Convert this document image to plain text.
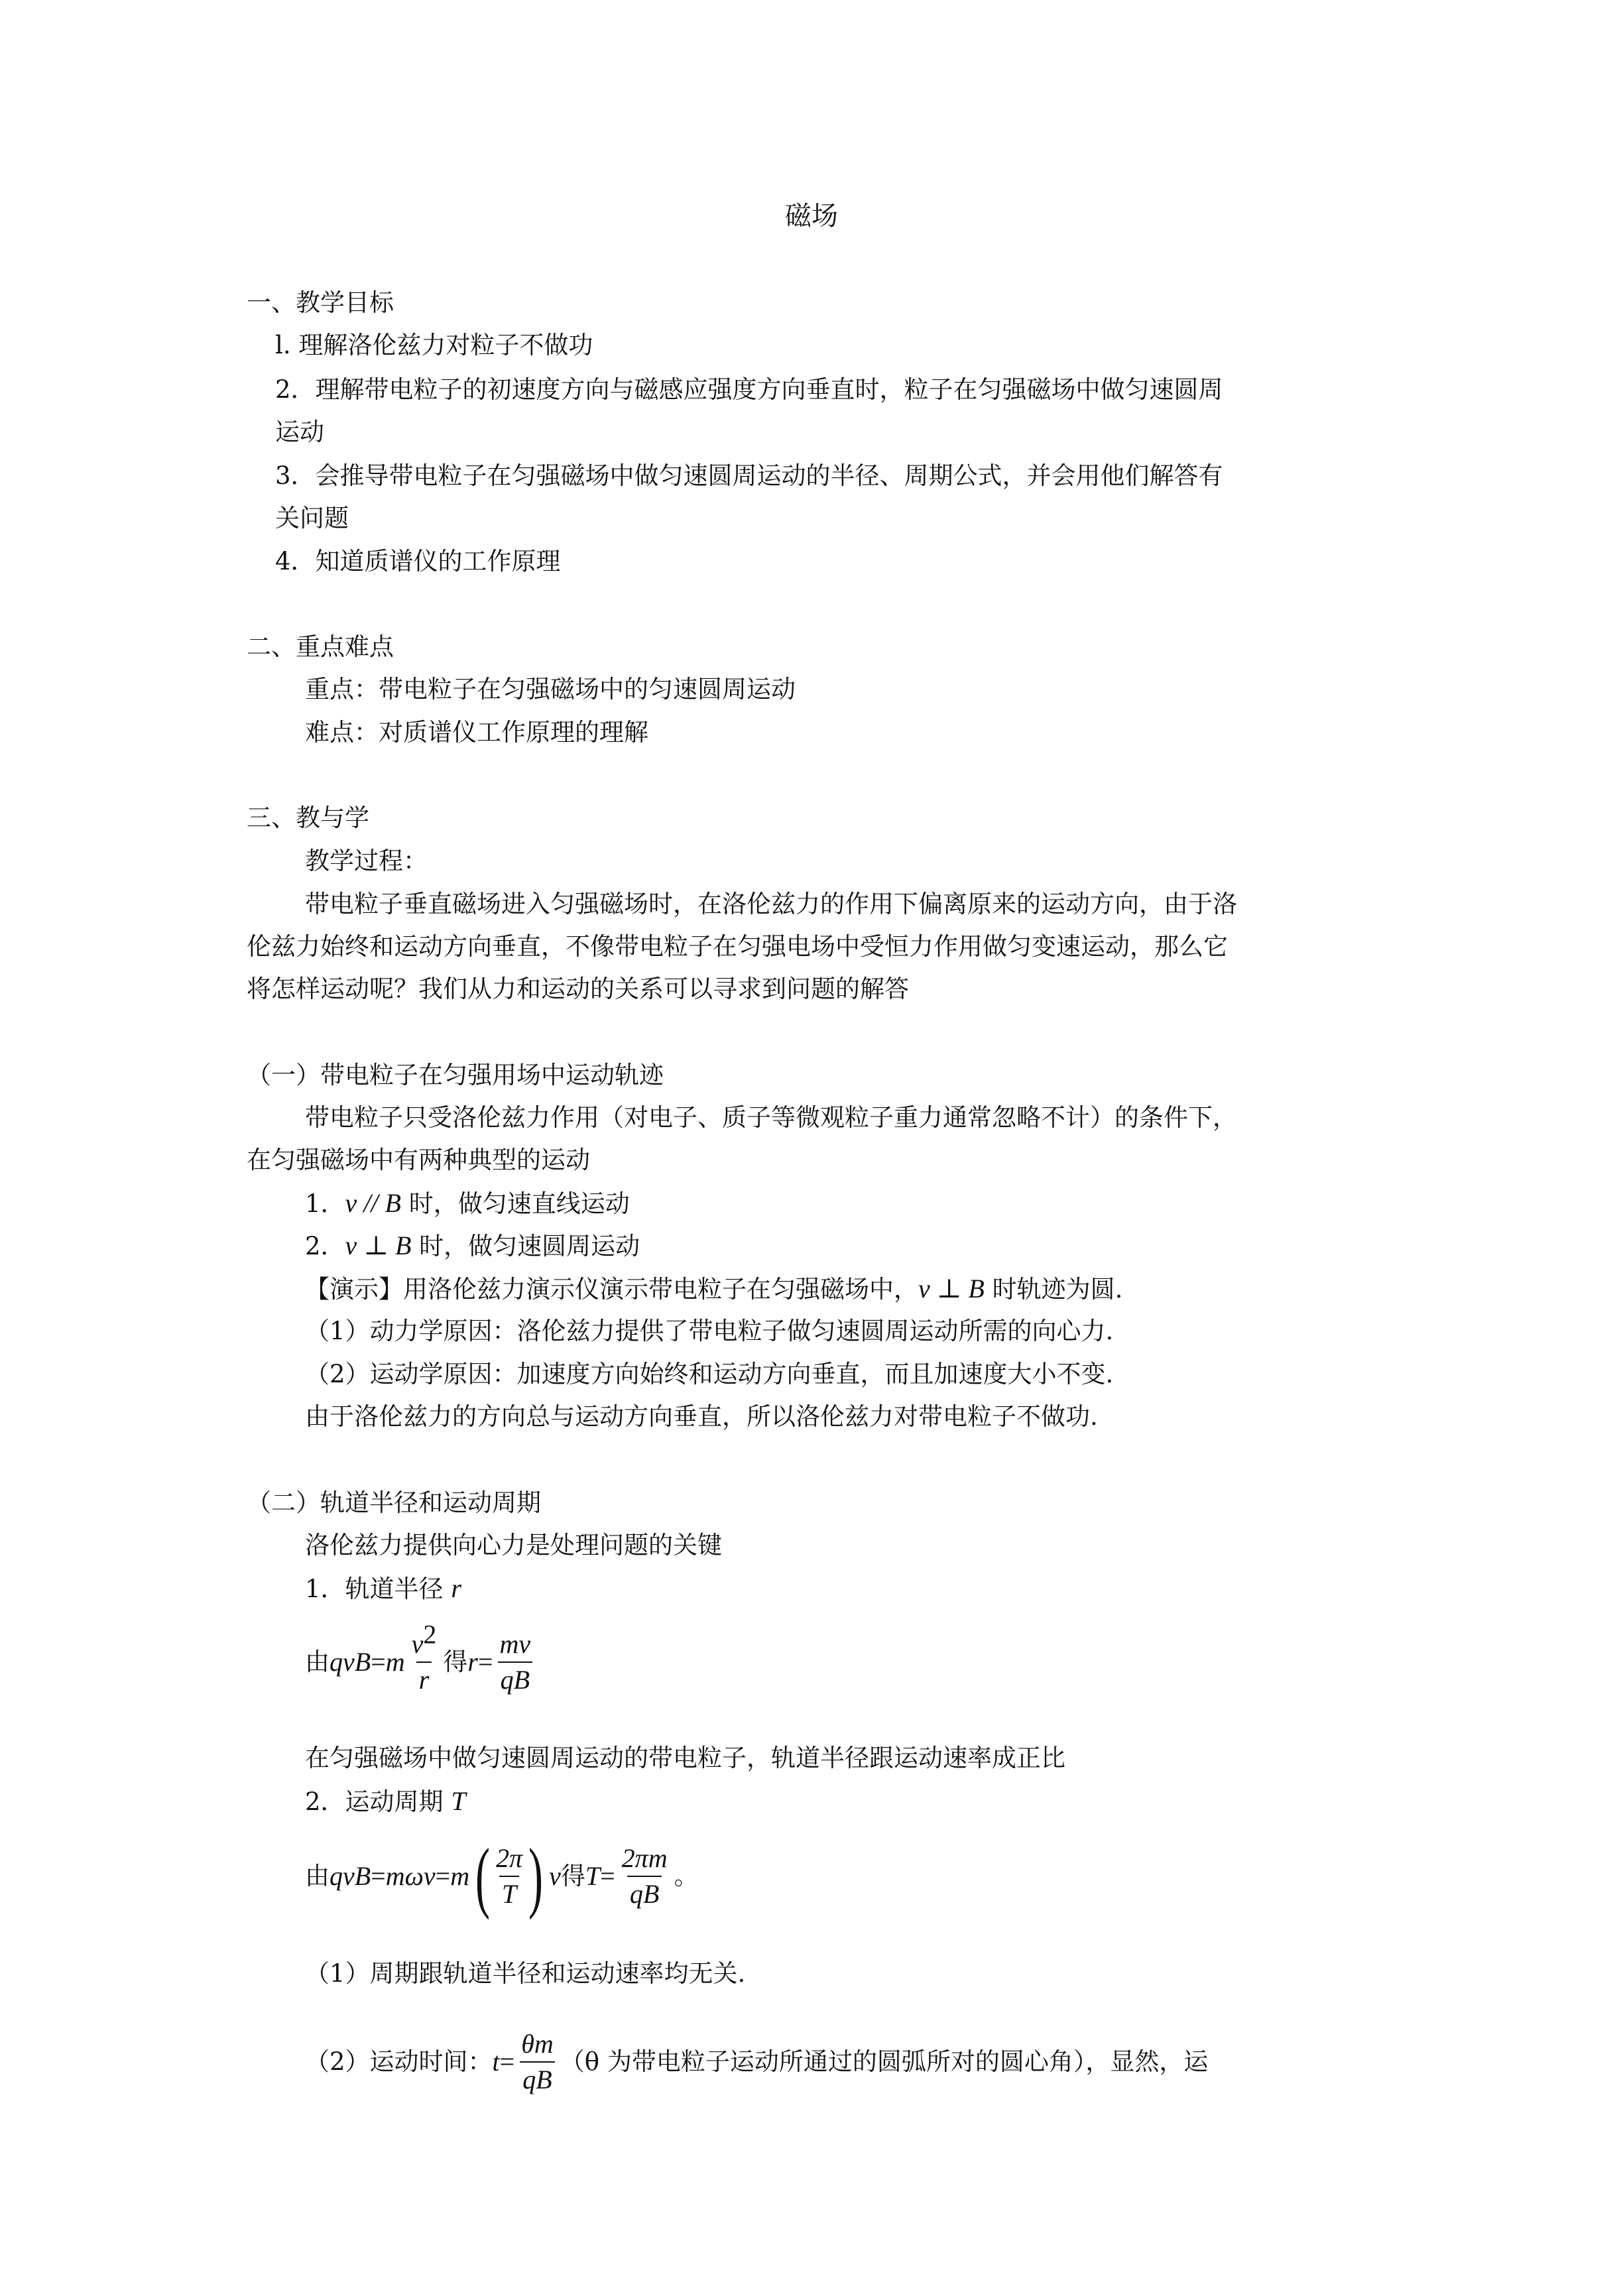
磁场
一、教学目标
l. 理解洛伦兹力对粒子不做功
2．理解带电粒子的初速度方向与磁感应强度方向垂直时，粒子在匀强磁场中做匀速圆周
运动
3．会推导带电粒子在匀强磁场中做匀速圆周运动的半径、周期公式，并会用他们解答有
关问题
4．知道质谱仪的工作原理
二、重点难点
重点：带电粒子在匀强磁场中的匀速圆周运动
难点：对质谱仪工作原理的理解
三、教与学
教学过程：
带电粒子垂直磁场进入匀强磁场时，在洛伦兹力的作用下偏离原来的运动方向，由于洛
伦兹力始终和运动方向垂直，不像带电粒子在匀强电场中受恒力作用做匀变速运动，那么它
将怎样运动呢？我们从力和运动的关系可以寻求到问题的解答
（一）带电粒子在匀强用场中运动轨迹
带电粒子只受洛伦兹力作用（对电子、质子等微观粒子重力通常忽略不计）的条件下，
在匀强磁场中有两种典型的运动
1．v // B 时，做匀速直线运动
2．v ⊥ B 时，做匀速圆周运动
【演示】用洛伦兹力演示仪演示带电粒子在匀强磁场中，v ⊥ B 时轨迹为圆.
（1）动力学原因：洛伦兹力提供了带电粒子做匀速圆周运动所需的向心力.
（2）运动学原因：加速度方向始终和运动方向垂直，而且加速度大小不变.
由于洛伦兹力的方向总与运动方向垂直，所以洛伦兹力对带电粒子不做功.
（二）轨道半径和运动周期
洛伦兹力提供向心力是处理问题的关键
1．轨道半径 r
由 qvB = m $\frac{v^2}{r}$ 得 $r = \frac{mv}{qB}$
在匀强磁场中做匀速圆周运动的带电粒子，轨道半径跟运动速率成正比
2．运动周期 T
由 qvB = mωv = m ( $\frac{2\pi}{T}$ ) v 得 $T = \frac{2\pi m}{qB}$ 。
（1）周期跟轨道半径和运动速率均无关.
（2）运动时间： $t = \frac{\theta m}{qB} (\theta$ 为带电粒子运动所通过的圆弧所对的圆心角），显然，运
